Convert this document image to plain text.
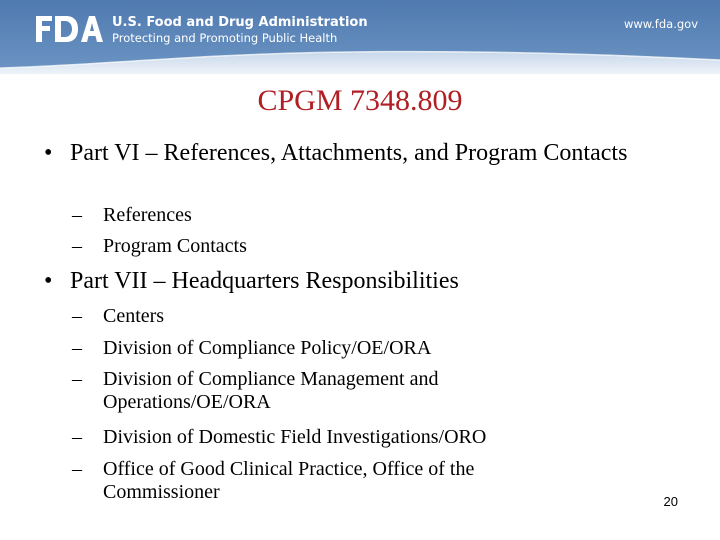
U.S. Food and Drug Administration
Protecting and Promoting Public Health
www.fda.gov
CPGM 7348.809
• Part VI – References, Attachments, and Program Contacts
–	References
–	Program Contacts
• Part VII – Headquarters Responsibilities
–	Centers
–	Division of Compliance Policy/OE/ORA
–	Division of Compliance Management and Operations/OE/ORA
–	Division of Domestic Field Investigations/ORO
–	Office of Good Clinical Practice, Office of the Commissioner	20
